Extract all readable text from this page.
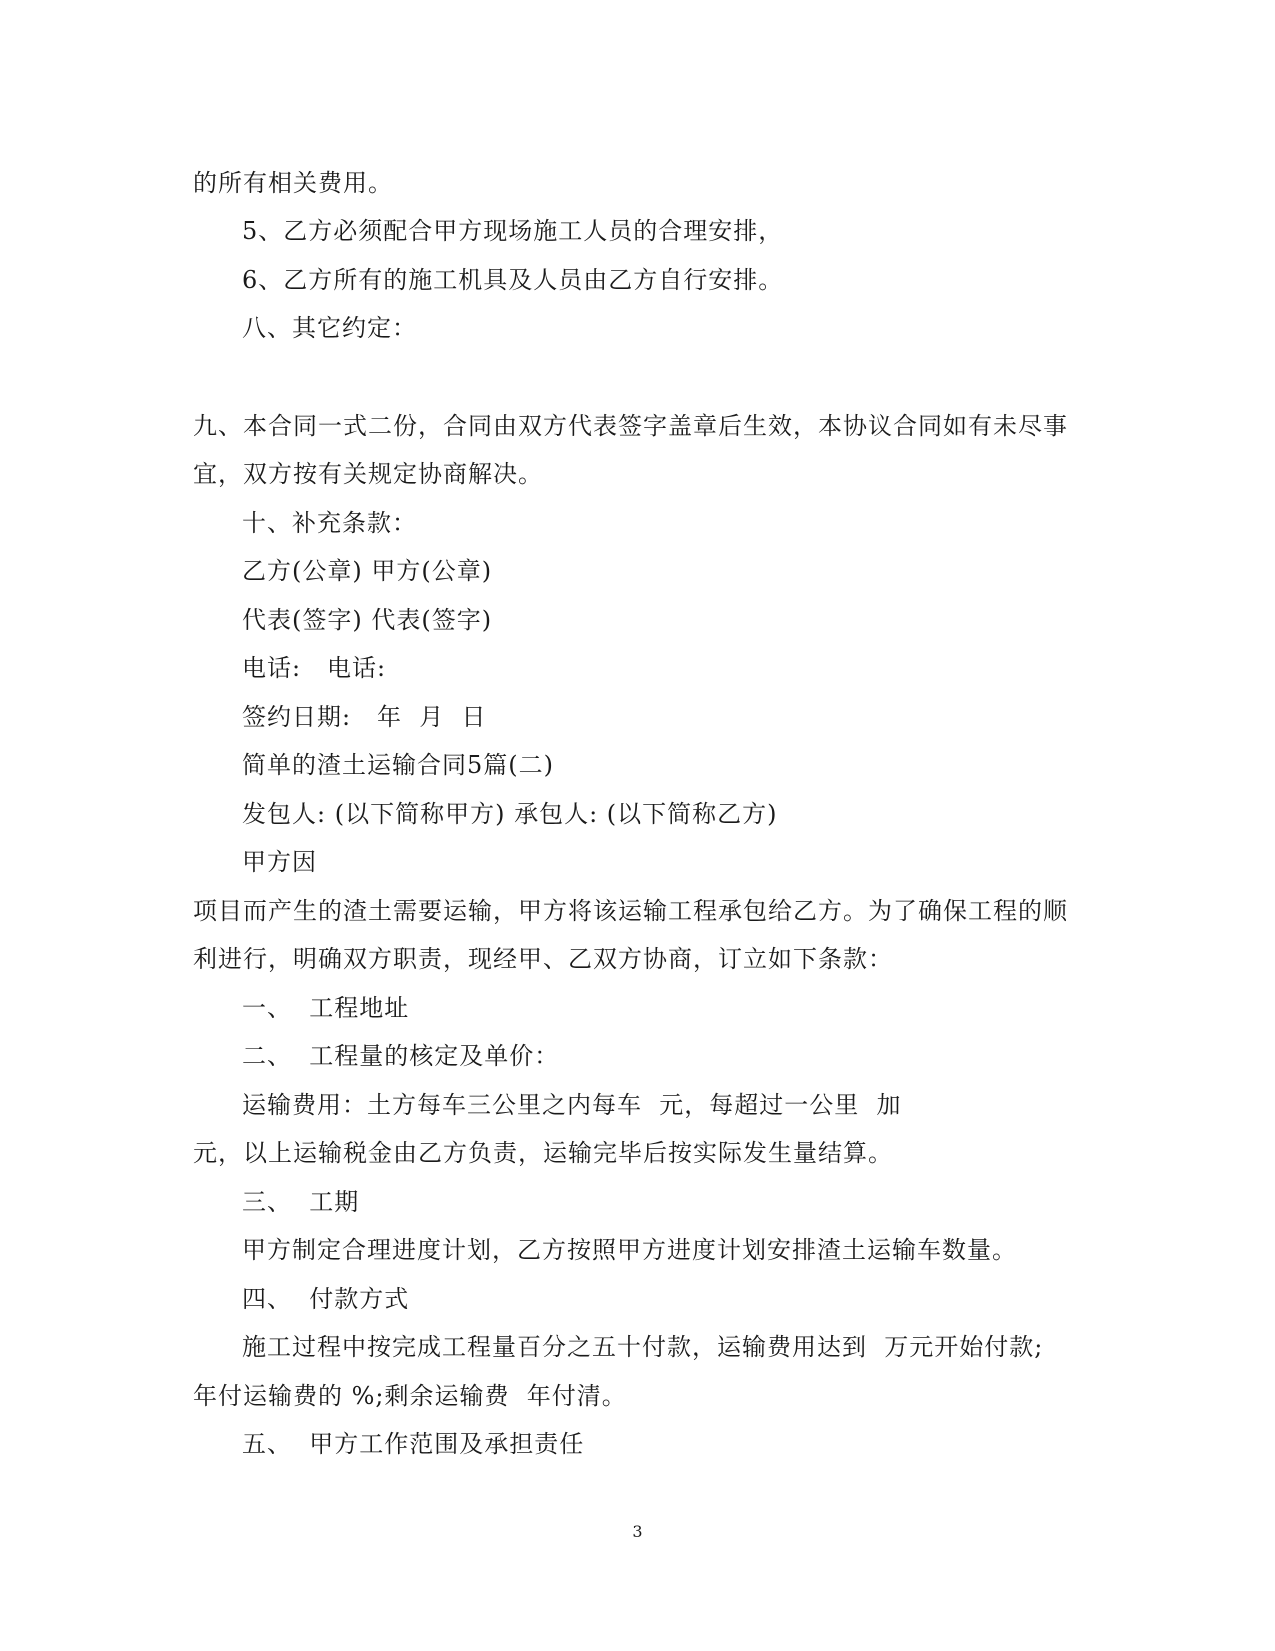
的所有相关费用。
5、乙方必须配合甲方现场施工人员的合理安排，
6、乙方所有的施工机具及人员由乙方自行安排。
八、其它约定：
九、本合同一式二份，合同由双方代表签字盖章后生效，本协议合同如有未尽事
宜，双方按有关规定协商解决。
十、补充条款：
乙方(公章) 甲方(公章)
代表(签字) 代表(签字)
电话:   电话:
签约日期:   年  月  日
简单的渣土运输合同5篇(二)
发包人: (以下简称甲方) 承包人: (以下简称乙方)
甲方因
项目而产生的渣土需要运输，甲方将该运输工程承包给乙方。为了确保工程的顺
利进行，明确双方职责，现经甲、乙双方协商，订立如下条款：
一、  工程地址
二、  工程量的核定及单价：
运输费用：土方每车三公里之内每车  元，每超过一公里  加
元，以上运输税金由乙方负责，运输完毕后按实际发生量结算。
三、  工期
甲方制定合理进度计划，乙方按照甲方进度计划安排渣土运输车数量。
四、  付款方式
施工过程中按完成工程量百分之五十付款，运输费用达到  万元开始付款;
年付运输费的 %;剩余运输费  年付清。
五、  甲方工作范围及承担责任
3
